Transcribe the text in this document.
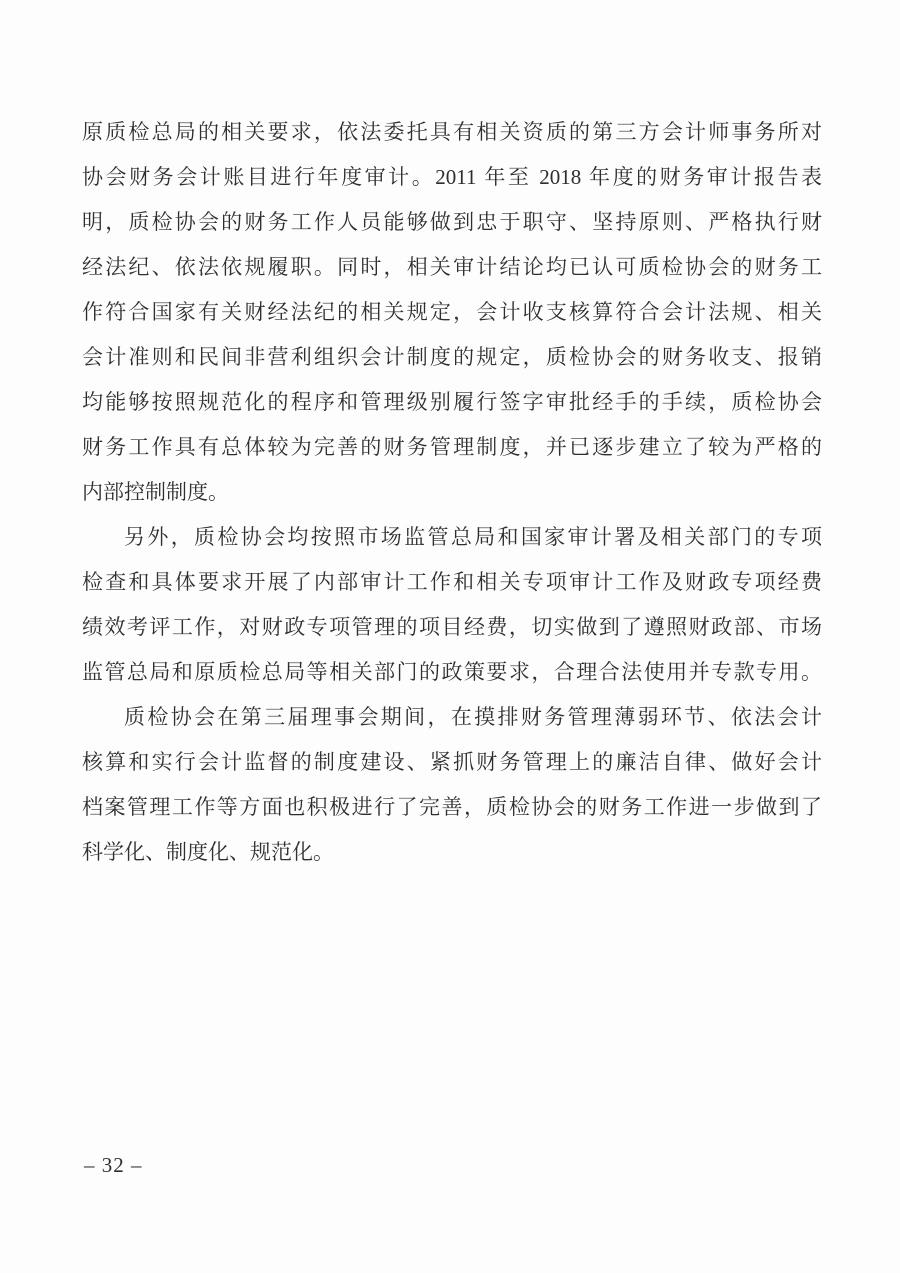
原质检总局的相关要求，依法委托具有相关资质的第三方会计师事务所对
协会财务会计账目进行年度审计。2011 年至 2018 年度的财务审计报告表
明，质检协会的财务工作人员能够做到忠于职守、坚持原则、严格执行财
经法纪、依法依规履职。同时，相关审计结论均已认可质检协会的财务工
作符合国家有关财经法纪的相关规定，会计收支核算符合会计法规、相关
会计准则和民间非营利组织会计制度的规定，质检协会的财务收支、报销
均能够按照规范化的程序和管理级别履行签字审批经手的手续，质检协会
财务工作具有总体较为完善的财务管理制度，并已逐步建立了较为严格的
内部控制制度。
另外，质检协会均按照市场监管总局和国家审计署及相关部门的专项
检查和具体要求开展了内部审计工作和相关专项审计工作及财政专项经费
绩效考评工作，对财政专项管理的项目经费，切实做到了遵照财政部、市场
监管总局和原质检总局等相关部门的政策要求，合理合法使用并专款专用。
质检协会在第三届理事会期间，在摸排财务管理薄弱环节、依法会计
核算和实行会计监督的制度建设、紧抓财务管理上的廉洁自律、做好会计
档案管理工作等方面也积极进行了完善，质检协会的财务工作进一步做到了
科学化、制度化、规范化。
– 32 –
